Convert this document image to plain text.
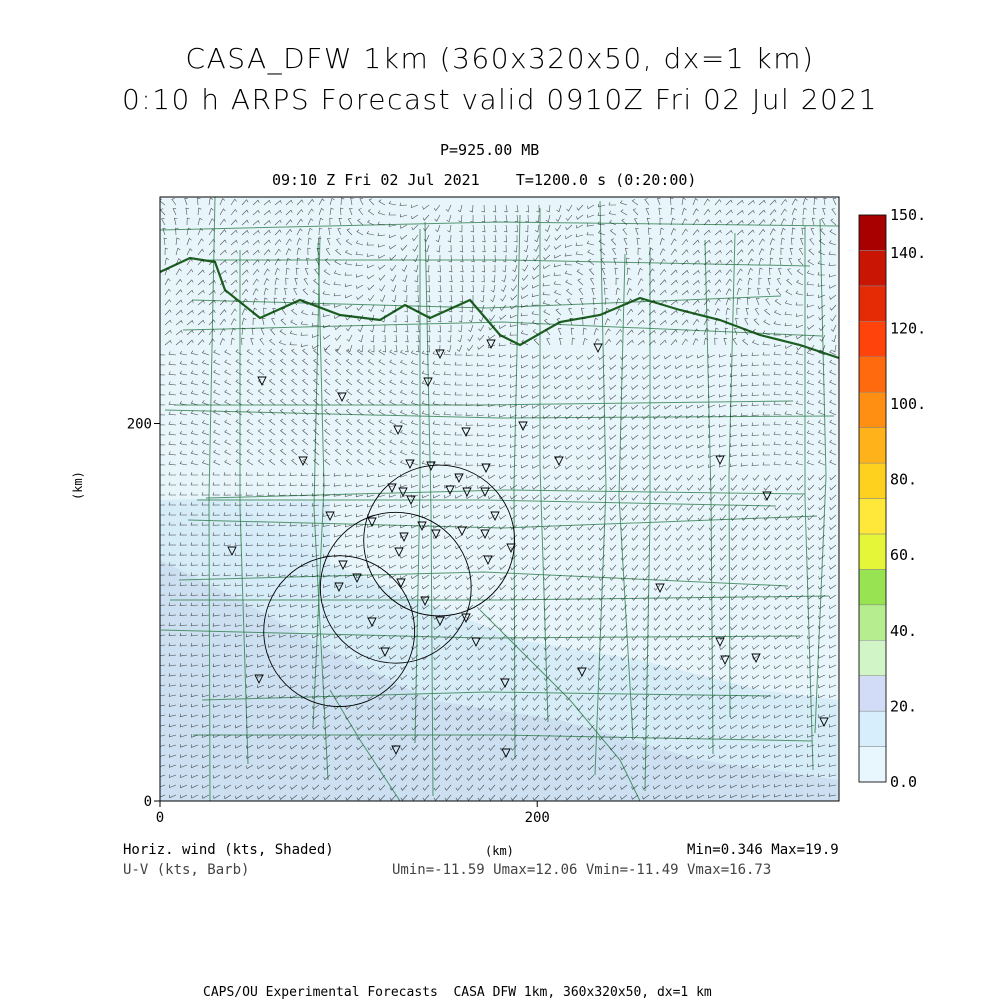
CASA_DFW 1km (360x320x50, dx=1 km)
0:10 h ARPS Forecast valid 0910Z Fri 02 Jul 2021
P=925.00 MB
09:10 Z Fri 02 Jul 2021    T=1200.0 s (0:20:00)
0
0
200
200
0.0
20.
40.
60.
80.
100.
120.
140.
150.
(km)
(km)
Horiz. wind (kts, Shaded)
U-V (kts, Barb)
Min=0.346 Max=19.9
Umin=-11.59 Umax=12.06 Vmin=-11.49 Vmax=16.73
CAPS/OU Experimental Forecasts  CASA DFW 1km, 360x320x50, dx=1 km
